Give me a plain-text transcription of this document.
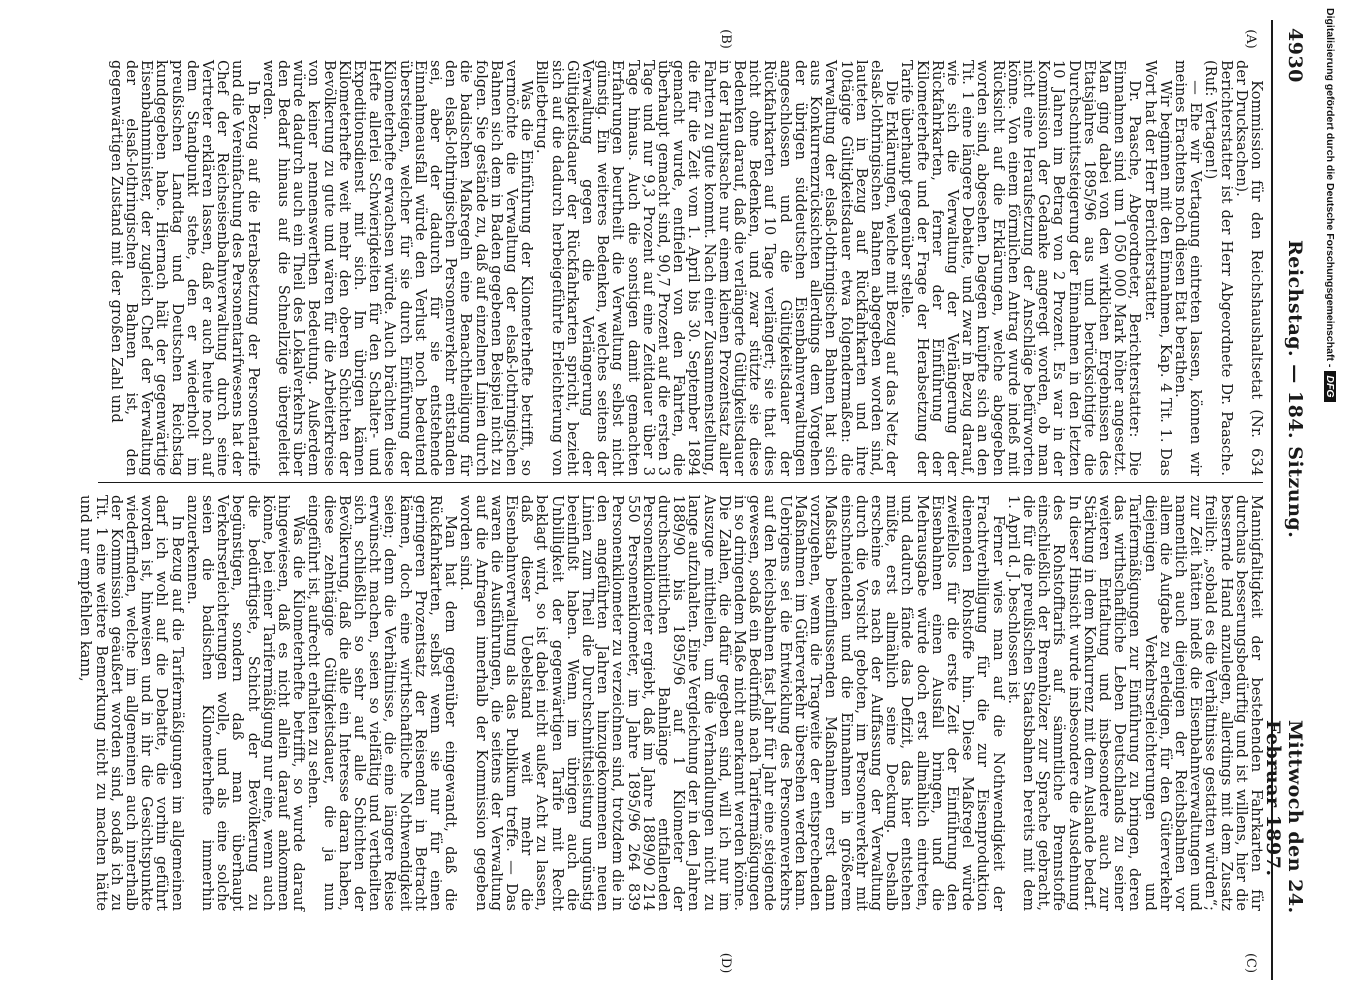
4930
Reichstag. — 184. Sitzung.
Mittwoch den 24. Februar 1897.
(A)
(B)
(C)
(D)

Kommission für den Reichshaushaltsetat (Nr. 634 der Drucksachen).

Berichterstatter ist der Herr Abgeordnete Dr. Paasche. (Ruf: Vertagen!)

— Ehe wir Vertagung eintreten lassen, können wir meines Erachtens noch diesen Etat berathen.

Wir beginnen mit den Einnahmen, Kap. 4 Tit. 1. Das Wort hat der Herr Berichterstatter.

Dr. Paasche, Abgeordneter, Berichterstatter: Die Einnahmen sind um 1 050 000 Mark höher angesetzt. Man ging dabei von den wirklichen Ergebnissen des Etatsjahres 1895/96 aus und berücksichtigte die Durchschnittssteigerung der Einnahmen in den letzten 10 Jahren im Betrag von 2 Prozent. Es war in der Kommission der Gedanke angeregt worden, ob man nicht eine Heraufsetzung der Anschläge befürworten könne. Von einem förmlichen Antrag wurde indeß mit Rücksicht auf die Erklärungen, welche abgegeben worden sind, abgesehen. Dagegen knüpfte sich an den Tit. 1 eine längere Debatte, und zwar in Bezug darauf, wie sich die Verwaltung der Verlängerung der Rückfahrkarten, ferner der Einführung der Kilometerhefte und der Frage der Herabsetzung der Tarife überhaupt gegenüber stelle.

Die Erklärungen, welche mit Bezug auf das Netz der elsaß-lothringischen Bahnen abgegeben worden sind, lauteten in Bezug auf Rückfahrkarten und ihre 10tägige Gültigkeitsdauer etwa folgendermaßen: die Verwaltung der elsaß-lothringischen Bahnen hat sich aus Konkurrenzrücksichten allerdings dem Vorgehen der übrigen süddeutschen Eisenbahnverwaltungen angeschlossen und die Gültigkeitsdauer der Rückfahrkarten auf 10 Tage verlängert; sie that dies nicht ohne Bedenken, und zwar stützte sie diese Bedenken darauf, daß die verlängerte Gültigkeitsdauer in der Hauptsache nur einem kleinen Prozentsatz aller Fahrten zu gute kommt. Nach einer Zusammenstellung, die für die Zeit vom 1. April bis 30. September 1894 gemacht wurde, entfielen von den Fahrten, die überhaupt gemacht sind, 90,7 Prozent auf die ersten 3 Tage und nur 9,3 Prozent auf eine Zeitdauer über 3 Tage hinaus. Auch die sonstigen damit gemachten Erfahrungen beurtheilt die Verwaltung selbst nicht günstig. Ein weiteres Bedenken, welches seitens der Verwaltung gegen die Verlängerung der Gültigkeitsdauer der Rückfahrkarten spricht, bezieht sich auf die dadurch herbeigeführte Erleichterung von Billetbetrug.

Was die Einführung der Kilometerhefte betrifft, so vermöchte die Verwaltung der elsaß-lothringischen Bahnen sich dem in Baden gegebenen Beispiel nicht zu folgen. Sie gestände zu, daß auf einzelnen Linien durch die badischen Maßregeln eine Benachtheiligung für den elsaß-lothringischen Personenverkehr entstanden sei, aber der dadurch für sie entstehende Einnahmeausfall würde den Verlust noch bedeutend übersteigen, welcher für sie durch Einführung der Kilometerhefte erwachsen würde. Auch brächten diese Hefte allerlei Schwierigkeiten für den Schalter- und Expeditionsdienst mit sich. Im übrigen kämen Kilometerhefte weit mehr den oberen Schichten der Bevölkerung zu gute und wären für die Arbeiterkreise von keiner nennenswerthen Bedeutung. Außerdem würde dadurch auch ein Theil des Lokalverkehrs über den Bedarf hinaus auf die Schnellzüge übergeleitet werden.

In Bezug auf die Herabsetzung der Personentarife und die Vereinfachung des Personentarifwesens hat der Chef der Reichseisenbahnverwaltung durch seine Vertreter erklären lassen, daß er auch heute noch auf dem Standpunkt stehe, den er wiederholt im preußischen Landtag und Deutschen Reichstag kundgegeben habe. Hiernach hält der gegenwärtige Eisenbahnminister, der zugleich Chef der Verwaltung der elsaß-lothringischen Bahnen ist, den gegenwärtigen Zustand mit der großen Zahl und

Mannigfaltigkeit der bestehenden Fahrkarten für durchaus besserungsbedürftig und ist willens, hier die bessernde Hand anzulegen, allerdings mit dem Zusatz freilich: „sobald es die Verhältnisse gestatten würden“; zur Zeit hätten indeß die Eisenbahnverwaltungen und namentlich auch diejenigen der Reichsbahnen vor allem die Aufgabe zu erledigen, für den Güterverkehr diejenigen Verkehrserleichterungen und Tarifermäßigungen zur Einführung zu bringen, deren das wirthschaftliche Leben Deutschlands zu seiner weiteren Entfaltung und insbesondere auch zur Stärkung in dem Konkurrenz mit dem Auslande bedarf. In dieser Hinsicht wurde insbesondere die Ausdehnung des Rohstofftarifs auf sämmtliche Brennstoffe einschließlich der Brennhölzer zur Sprache gebracht, die für die preußischen Staatsbahnen bereits mit dem 1. April d. J. beschlossen ist.

Ferner wies man auf die Nothwendigkeit der Frachtverbilligung für die zur Eisenproduktion dienenden Rohstoffe hin. Diese Maßregel würde zweifellos für die erste Zeit der Einführung den Eisenbahnen einen Ausfall bringen, und die Mehrausgabe würde doch erst allmählich eintreten, und dadurch fände das Defizit, das hier entstehen müßte, erst allmählich seine Deckung. Deshalb erscheine es nach der Auffassung der Verwaltung durch die Vorsicht geboten, im Personenverkehr mit einschneidenden und die Einnahmen in größerem Maßstab beeinflussenden Maßnahmen erst dann vorzugehen, wenn die Tragweite der entsprechenden Maßnahmen im Güterverkehr übersehen werden kann. Uebrigens sei die Entwicklung des Personenverkehrs auf den Reichsbahnen fast Jahr für Jahr eine steigende gewesen, sodaß ein Bedürfniß nach Tarifermäßigungen in so dringendem Maße nicht anerkannt werden könne. Die Zahlen, die dafür gegeben sind, will ich nur im Auszuge mittheilen, um die Verhandlungen nicht zu lange aufzuhalten. Eine Vergleichung der in den Jahren 1889/90 bis 1895/96 auf 1 Kilometer der durchschnittlichen Bahnlänge entfallenden Personenkilometer ergiebt, daß im Jahre 1889/90 214 550 Personenkilometer, im Jahre 1895/96 264 839 Personenkilometer zu verzeichnen sind, trotzdem die in den angeführten Jahren hinzugekommenen neuen Linien zum Theil die Durchschnittsleistung ungünstig beeinflußt haben. Wenn im übrigen auch die Unbilligkeit der gegenwärtigen Tarife mit Recht beklagt wird, so ist dabei nicht außer Acht zu lassen, daß dieser Uebelstand weit mehr die Eisenbahnverwaltung als das Publikum treffe. — Das waren die Ausführungen, die seitens der Verwaltung auf die Anfragen innerhalb der Kommission gegeben worden sind.

Man hat dem gegenüber eingewandt, daß die Rückfahrkarten, selbst wenn sie nur für einen geringeren Prozentsatz der Reisenden in Betracht kämen, doch eine wirthschaftliche Nothwendigkeit seien; denn die Verhältnisse, die eine längere Reise erwünscht machen, seien so vielfältig und vertheilten sich schließlich so sehr auf alle Schichten der Bevölkerung, daß die alle ein Interesse daran haben, diese zehntägige Gültigkeitsdauer, die ja nun eingeführt ist, aufrecht erhalten zu sehen.

Was die Kilometerhefte betrifft, so wurde darauf hingewiesen, daß es nicht allein darauf ankommen könne, bei einer Tarifermäßigung nur eine, wenn auch die bedürftigste, Schicht der Bevölkerung zu begünstigen, sondern daß man überhaupt Verkehrserleichterungen wolle, und als eine solche seien die badischen Kilometerhefte immerhin anzuerkennen.

In Bezug auf die Tarifermäßigungen im allgemeinen darf ich wohl auf die Debatte, die vorhin geführt worden ist, hinweisen und in ihr die Gesichtspunkte wiederfinden, welche im allgemeinen auch innerhalb der Kommission geäußert worden sind, sodaß ich zu Tit. 1 eine weitere Bemerkung nicht zu machen hätte und nur empfehlen kann,

Digitalisierung gefördert durch die Deutsche Forschungsgemeinschaft -DFG
